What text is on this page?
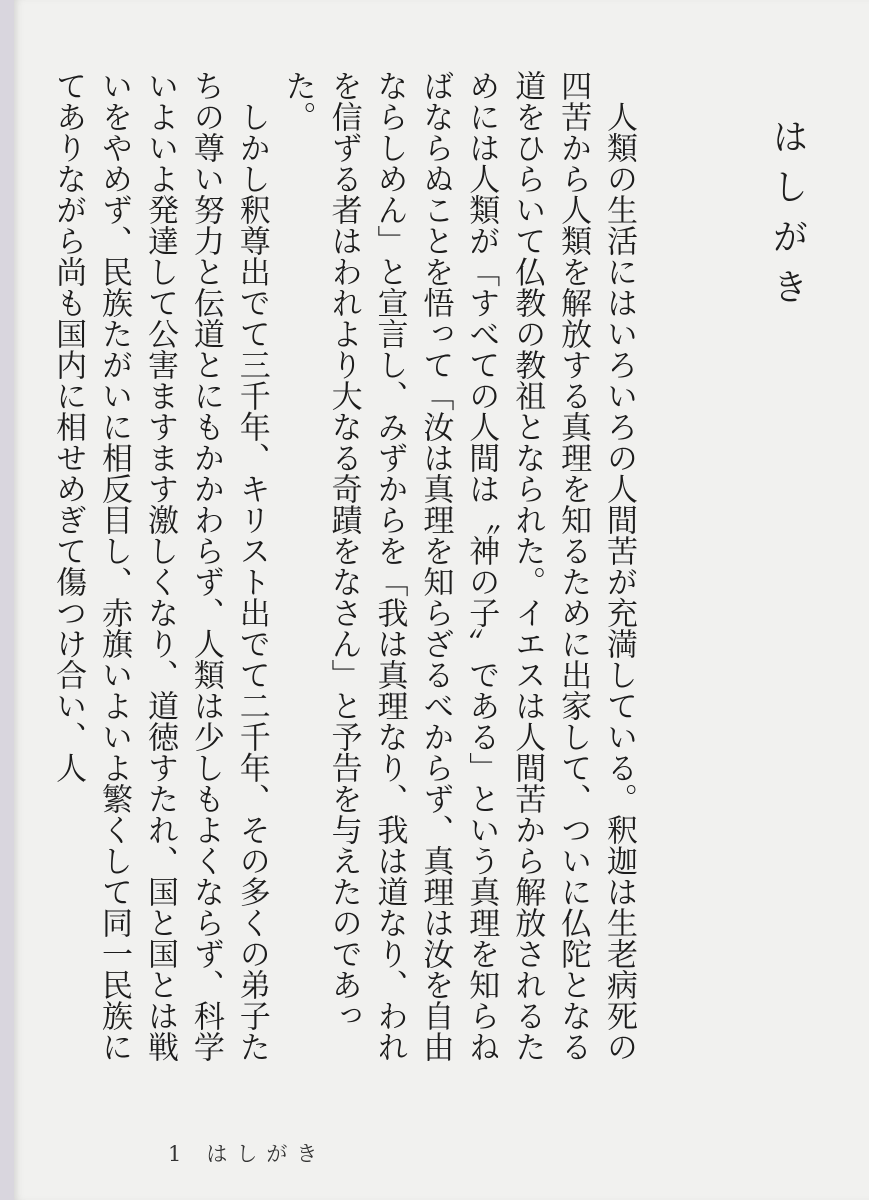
はしがき

人類の生活にはいろいろの人間苦が充満している。釈迦は生老病死の四苦から人類を解放する真理を知るために出家して、ついに仏陀となる道をひらいて仏教の教祖となられた。イエスは人間苦から解放されるためには人類が「すべての人間は〝神の子〟である」という真理を知らねばならぬことを悟って「汝は真理を知らざるべからず、真理は汝を自由ならしめん」と宣言し、みずからを「我は真理なり、我は道なり、われを信ずる者はわれより大なる奇蹟をなさん」と予告を与えたのであった。

しかし釈尊出でて三千年、キリスト出でて二千年、その多くの弟子たちの尊い努力と伝道とにもかかわらず、人類は少しもよくならず、科学いよいよ発達して公害ますます激しくなり、道徳すたれ、国と国とは戦いをやめず、民族たがいに相反目し、赤旗いよいよ繁くして同一民族にてありながら尚も国内に相せめぎて傷つけ合い、人

1 はしがき
